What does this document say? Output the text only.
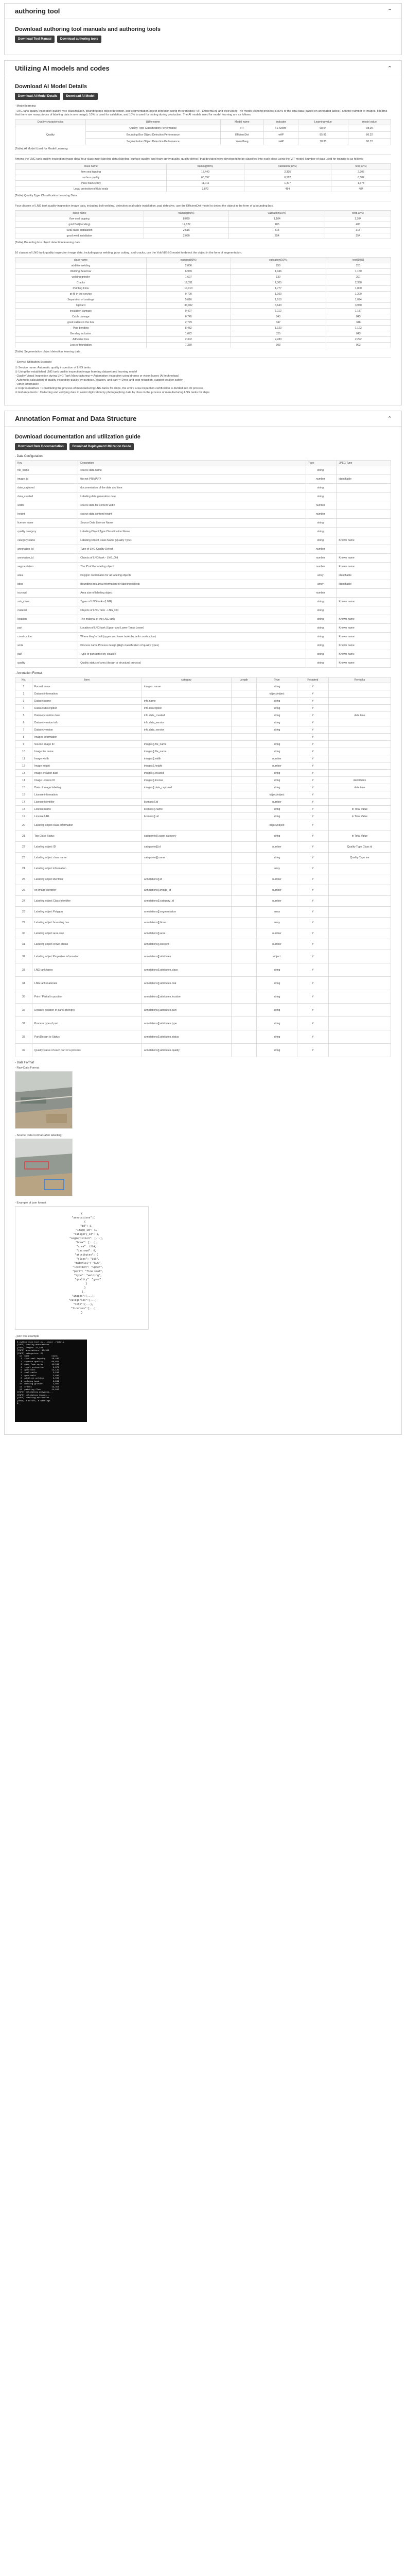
authoring tool	⌃
Download authoring tool manuals and authoring tools
Download Tool Manual	Download authoring tools
Utilizing AI models and codes	⌃
Download AI Model Details
Download AI Model Details	Download AI Model

- Model learning

- LNG tank quality inspection quality type classification, bounding box object detection, and segmentation object detection using three models: VIT, EfficientDet, and YoloV8seg The model learning process is 80% of the total data (based on annotated labels), and the number of images. It learns that there are many pieces of labeling data in one image). 10% is used for validation, and 10% is used for testing during production. The AI models used for model learning are as follows:

Quality characteristics	Utility name	Model name	Indicator	Learning value	model value
Quality	Quality Type Classification Performance	VIT	F1 Score	98.04	98.09
	Bounding Box Object Detection Performance	EfficientDet	mAP	85.92	86.32
	Segmentation Object Detection Performance	YoloV8seg	mAP	78.35	80.72

[Table] AI Model Used for Model Learning

Among the LNG tank quality inspection image data, four class inset labeling data (labeling, surface quality, and foam spray quality, quality defect) that deviated were developed to be classified into each class using the VIT model. Number of data used for training is as follows:

class name	training(80%)	validation(10%)	test(10%)
flow seal tapping	18,440	2,305	2,305
surface quality	60,697	6,582	6,582
Pass foam spray	11,011	1,377	1,378
Legal protection of fluid seals	3,872	484	484

[Table] Quality Type Classification Learning Data

Four classes of LNG tank quality inspection image data, including bolt welding, detection seal cable installation, pad defective, use the EfficientDet model to detect the object in the form of a bounding box.

class name	training(80%)	validation(10%)	test(10%)
flow seal tapping	8,829	1,104	1,104
gold Bolt(bonding)	12,122	405	405
Seal cable installation	2,516	315	315
good weld installation	2,030	254	254

[Table] Bounding box object detection learning data

16 classes of LNG tank quality inspection image data, including pour welding, pour cutting, and cracks, use the YoloV8SEG model to detect the object in the form of segmentation.

class name	training(80%)	validation(10%)	test(10%)
additive welding	2,006	250	251
Welding Bead bar	6,969	1,046	1,150
welding grinder	1,607	130	201
Cracks	19,351	2,305	2,338
Painting Flow	14,013	1,777	1,800
pt fill in the crevice	9,700	1,100	1,200
Separation of coatings	5,016	1,010	1,094
Upward	34,002	3,643	3,950
insulation damage	9,407	1,112	1,187
Cable damage	6,745	843	843
good cables in the box	2,779	347	348
Pipe bending	8,482	1,123	1,122
Bending inclusion	1,072	325	843
Adhesive loss	2,302	2,283	2,292
Loss of foundation	7,339	903	903

[Table] Segmentation object detection learning data

- Service Utilization Scenario

① Service name: Automatic quality inspection of LNG tanks
② Using the established LNG tank quality inspection image learning dataset and learning model
- Quality Visual Inspection during LNG Tank Manufacturing ⇒ Automation inspection using drones or vision lasers (AI technology)
- Automatic calculation of quality inspection quality by purpose, location, and part ⇒ Drive and cost reduction, support weaker safety
- Other information
① Representatives : Constituting the process of manufacturing LNG tanks for ships, the entire area inspection certification is divided into 30 process
② Enhancements : Collecting and verifying data to assist digitization by photographing data by class in the process of manufacturing LNG tanks for ships
Annotation Format and Data Structure	⌃
Download documentation and utilization guide
Download Data Documentation	Download Deployment Utilization Guide

- Data Configuration

Key	Description	Type	JPEG Type
file_name	source data name	string	
image_id	file net PRIMARY	number	identifiable
date_captured	documentation of the date and time	string	
data_created	Labeling data generation date	string	
width	source data file content width	number	
height	source data content height	number	
license name	Source Data License Name	string	
quality category	Labeling Object Type Classification Name	string	
category name	Labeling Object Class Name (Quality Type)	string	Known name
annotation_id	Type of LNG Quality Defect	number	
annotation_id	Objects of LNG tank - LNG_Old	number	Known name
segmentation	The ID of the labeling object	number	Known name
area	Polygon coordinates for all labeling objects	array	identifiable
bbox	Bounding box area information for labeling objects	array	identifiable
iscrowd	Area size of labeling object	number	
sub_class	Types of LNG tanks (LNG)	string	Known name
material	Objects of LNG Tank - LNG_Old	string	
location	The material of the LNG tank	string	Known name
part	Location of LNG tank (Upper and Lower Tanks Lower)	string	Known name
construction	Where they're built (upper and lower tanks by tank construction)	string	Known name
work	Process name Process design (High classification of quality types)	string	Known name
part	Type of part defect by location	string	Known name
quality	Quality status of area (design or structural process)	string	Known name

- Annotation Format

No.	Item	category	Length	Type	Required	Remarks
1	Format name	images: name		string	Y	
2	Dataset information			object/object	Y	
3	Dataset name	info.name		string	Y	
4	Dataset description	info.description		string	Y	
5	Dataset creation date	info.date_created		string	Y	date time
6	Dataset version info	info.data_version		string	Y	
7	Dataset version	info.data_version		string	Y	
8	Images information				Y	
9	Source Image ID	images[].file_name		string	Y	
10	Image file name	images[].file_name		string	Y	
11	Image width	images[].width		number	Y	
12	Image height	images[].height		number	Y	
13	Image creation date	images[].created		string	Y	
14	Image Licence ID	images[].license		string	Y	identifiable
15	Date of image labeling	images[].data_captured		string	Y	date time
16	License information			object/object	Y	
17	License identifier	licenses[].id		number	Y	
18	License name	licenses[].name		string	Y	in Total Value
19	License URL	licenses[].url		string	Y	in Total Value
20	Labeling object class information			object/object	Y	
21	Top Class Status	categories[].super category		string	Y	in Total Value
22	Labeling object ID	categories[].id		number	Y	Quality Type Class id
23	Labeling object class name	categories[].name		string	Y	Quality Type ine
24	Labeling object information			array	Y	
25	Labeling object identifier	annotations[].id		number	Y	
26	ori Image identifier	annotations[].image_id		number	Y	
27	Labeling object Class identifier	annotations[].category_id		number	Y	
28	Labeling object Polygon	annotations[].segmentation		array	Y	
29	Labeling object bounding box	annotations[].bbox		array	Y	
30	Labeling object area size	annotations[].area		number	Y	
31	Labeling object crowd status	annotations[].iscrowd		number	Y	
32	Labeling object Properties information	annotations[].attributes		object	Y	
33	LNG tank types	annotations[].attributes.class		string	Y	
34	LNG tank materials	annotations[].attributes.mat		string	Y	
35	Prim / Partial in position	annotations[].attributes.location		string	Y	
36	Detailed position of parts (Benign)	annotations[].attributes.part		string	Y	
37	Process type of part	annotations[].attributes.type		string	Y	
38	Part/Design to Status	annotations[].attributes.status		string	Y	
39	Quality status of each part of a process	annotations[].attributes.quality		string	Y	

- Data Format

- Raw Data Format

- Source Data Format (after labelling)

- Example of json format

{
"annotations":[
{
"id": 1,
"image_id": 1,
"category_id": 1,
"segmentation": [...],
"bbox": [...],
"area": 1234,
"iscrowd": 0,
"attributes": {
"class": "LNG",
"material": "SUS",
"location": "upper",
"part": "flow seal",
"type": "welding",
"quality": "good"
}
}
],
"images":[...],
"categories":[...],
"info":{...},
"licenses":[...]
}

- json tool example

$ python json_tool.py --input ./labels
[INFO] loading annotations...
[INFO] images: 12,440
[INFO] annotations: 98,306
[INFO] categories: 25
id  name                  count
1  flow seal tapping     18,440
2  surface quality       60,697
3  pass foam spray       11,011
4  legal protection       3,872
5  gold bolt             12,122
6  seal cable             2,516
7  good weld              2,030
8  additive welding       2,006
9  welding bead           6,969
10  welding grinder        1,607
11  cracks                19,351
12  painting flow         14,013
[INFO] validating polygons...
[INFO] validating bboxes...
[INFO] checking attributes...
[DONE] 0 errors, 0 warnings
$ _
